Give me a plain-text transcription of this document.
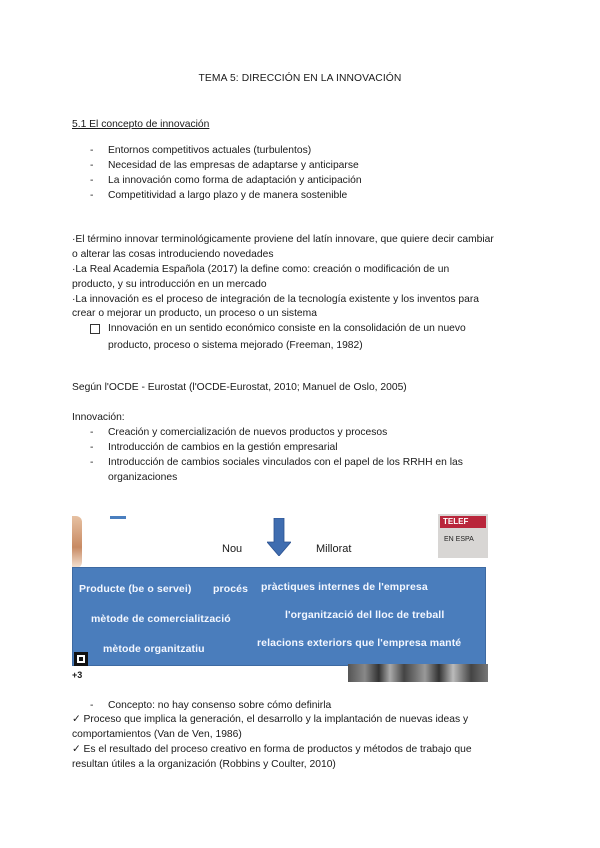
TEMA 5: DIRECCIÓN EN LA INNOVACIÓN
5.1 El concepto de innovación
- Entornos competitivos actuales (turbulentos)
- Necesidad de las empresas de adaptarse y anticiparse
- La innovación como forma de adaptación y anticipación
- Competitividad a largo plazo y de manera sostenible
·El término innovar terminológicamente proviene del latín innovare, que quiere decir cambiar
o alterar las cosas introduciendo novedades
·La Real Academia Española (2017) la define como: creación o modificación de un
producto, y su introducción en un mercado
·La innovación es el proceso de integración de la tecnología existente y los inventos para
crear o mejorar un producto, un proceso o un sistema
Innovación en un sentido económico consiste en la consolidación de un nuevo
producto, proceso o sistema mejorado (Freeman, 1982)
Según l'OCDE - Eurostat (l'OCDE-Eurostat, 2010; Manuel de Oslo, 2005)
Innovación:
- Creación y comercialización de nuevos productos y procesos
- Introducción de cambios en la gestión empresarial
- Introducción de cambios sociales vinculados con el papel de los RRHH en las
organizaciones
Nou	Millorat
TELEF
EN ESPA
Producte (be o servei) procés pràctiques internes de l'empresa
mètode de comercialització	l'organització del lloc de treball
mètode organitzatiu	relacions exteriors que l'empresa manté
+3
- Concepto: no hay consenso sobre cómo definirla
✓ Proceso que implica la generación, el desarrollo y la implantación de nuevas ideas y
comportamientos (Van de Ven, 1986)
✓ Es el resultado del proceso creativo en forma de productos y métodos de trabajo que
resultan útiles a la organización (Robbins y Coulter, 2010)
